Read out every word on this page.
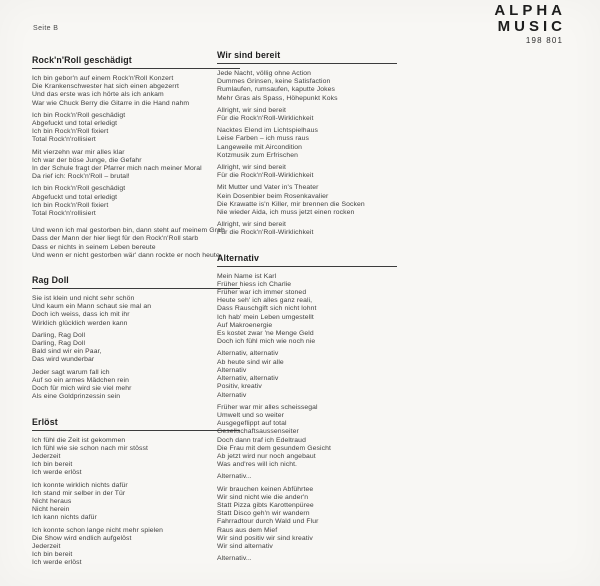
Seite B
ALPHA
MUSIC
198 801
Rock'n'Roll geschädigt

Ich bin gebor'n auf einem Rock'n'Roll Konzert
Die Krankenschwester hat sich einen abgezerrt
Und das erste was ich hörte als ich ankam
War wie Chuck Berry die Gitarre in die Hand nahm

Ich bin Rock'n'Roll geschädigt
Abgefuckt und total erledigt
Ich bin Rock'n'Roll fixiert
Total Rock'n'rollisiert

Mit vierzehn war mir alles klar
Ich war der böse Junge, die Gefahr
In der Schule fragt der Pfarrer mich nach meiner Moral
Da rief ich: Rock'n'Roll – brutal!

Ich bin Rock'n'Roll geschädigt
Abgefuckt und total erledigt
Ich bin Rock'n'Roll fixiert
Total Rock'n'rollisiert

Und wenn ich mal gestorben bin, dann steht auf meinem Grab
Dass der Mann der hier liegt für den Rock'n'Roll starb
Dass er nichts in seinem Leben bereute
Und wenn er nicht gestorben wär' dann rockte er noch heute

Rag Doll

Sie ist klein und nicht sehr schön
Und kaum ein Mann schaut sie mal an
Doch ich weiss, dass ich mit ihr
Wirklich glücklich werden kann

Darling, Rag Doll
Darling, Rag Doll
Bald sind wir ein Paar,
Das wird wunderbar

Jeder sagt warum fall ich
Auf so ein armes Mädchen rein
Doch für mich wird sie viel mehr
Als eine Goldprinzessin sein

Erlöst

Ich fühl die Zeit ist gekommen
Ich fühl wie sie schon nach mir stösst
Jederzeit
Ich bin bereit
Ich werde erlöst

Ich konnte wirklich nichts dafür
Ich stand mir selber in der Tür
Nicht heraus
Nicht herein
Ich kann nichts dafür

Ich konnte schon lange nicht mehr spielen
Die Show wird endlich aufgelöst
Jederzeit
Ich bin bereit
Ich werde erlöst

Wir sind bereit

Jede Nacht, völlig ohne Action
Dummes Grinsen, keine Satisfaction
Rumlaufen, rumsaufen, kaputte Jokes
Mehr Gras als Spass, Höhepunkt Koks

Allright, wir sind bereit
Für die Rock'n'Roll-Wirklichkeit

Nacktes Elend im Lichtspielhaus
Leise Farben – ich muss raus
Langeweile mit Aircondition
Kotzmusik zum Erfrischen

Allright, wir sind bereit
Für die Rock'n'Roll-Wirklichkeit

Mit Mutter und Vater in's Theater
Kein Dosenbier beim Rosenkavalier
Die Krawatte is'n Killer, mir brennen die Socken
Nie wieder Aida, ich muss jetzt einen rocken

Allright, wir sind bereit
Für die Rock'n'Roll-Wirklichkeit

Alternativ

Mein Name ist Karl
Früher hiess ich Charlie
Früher war ich immer stoned
Heute seh' ich alles ganz reali,
Dass Rauschgift sich nicht lohnt
Ich hab' mein Leben umgestellt
Auf Makroenergie
Es kostet zwar 'ne Menge Geld
Doch ich fühl mich wie noch nie

Alternativ, alternativ
Ab heute sind wir alle
Alternativ
Alternativ, alternativ
Positiv, kreativ
Alternativ

Früher war mir alles scheissegal
Umwelt und so weiter
Ausgegeflippt auf total
Gesellschaftsaussenseiter
Doch dann traf ich Edeltraud
Die Frau mit dem gesundem Gesicht
Ab jetzt wird nur noch angebaut
Was and'res will ich nicht.

Alternativ...

Wir brauchen keinen Abführtee
Wir sind nicht wie die ander'n
Statt Pizza gibts Karottenpüree
Statt Disco geh'n wir wandern
Fahrradtour durch Wald und Flur
Raus aus dem Mief
Wir sind positiv wir sind kreativ
Wir sind alternativ

Alternativ...
